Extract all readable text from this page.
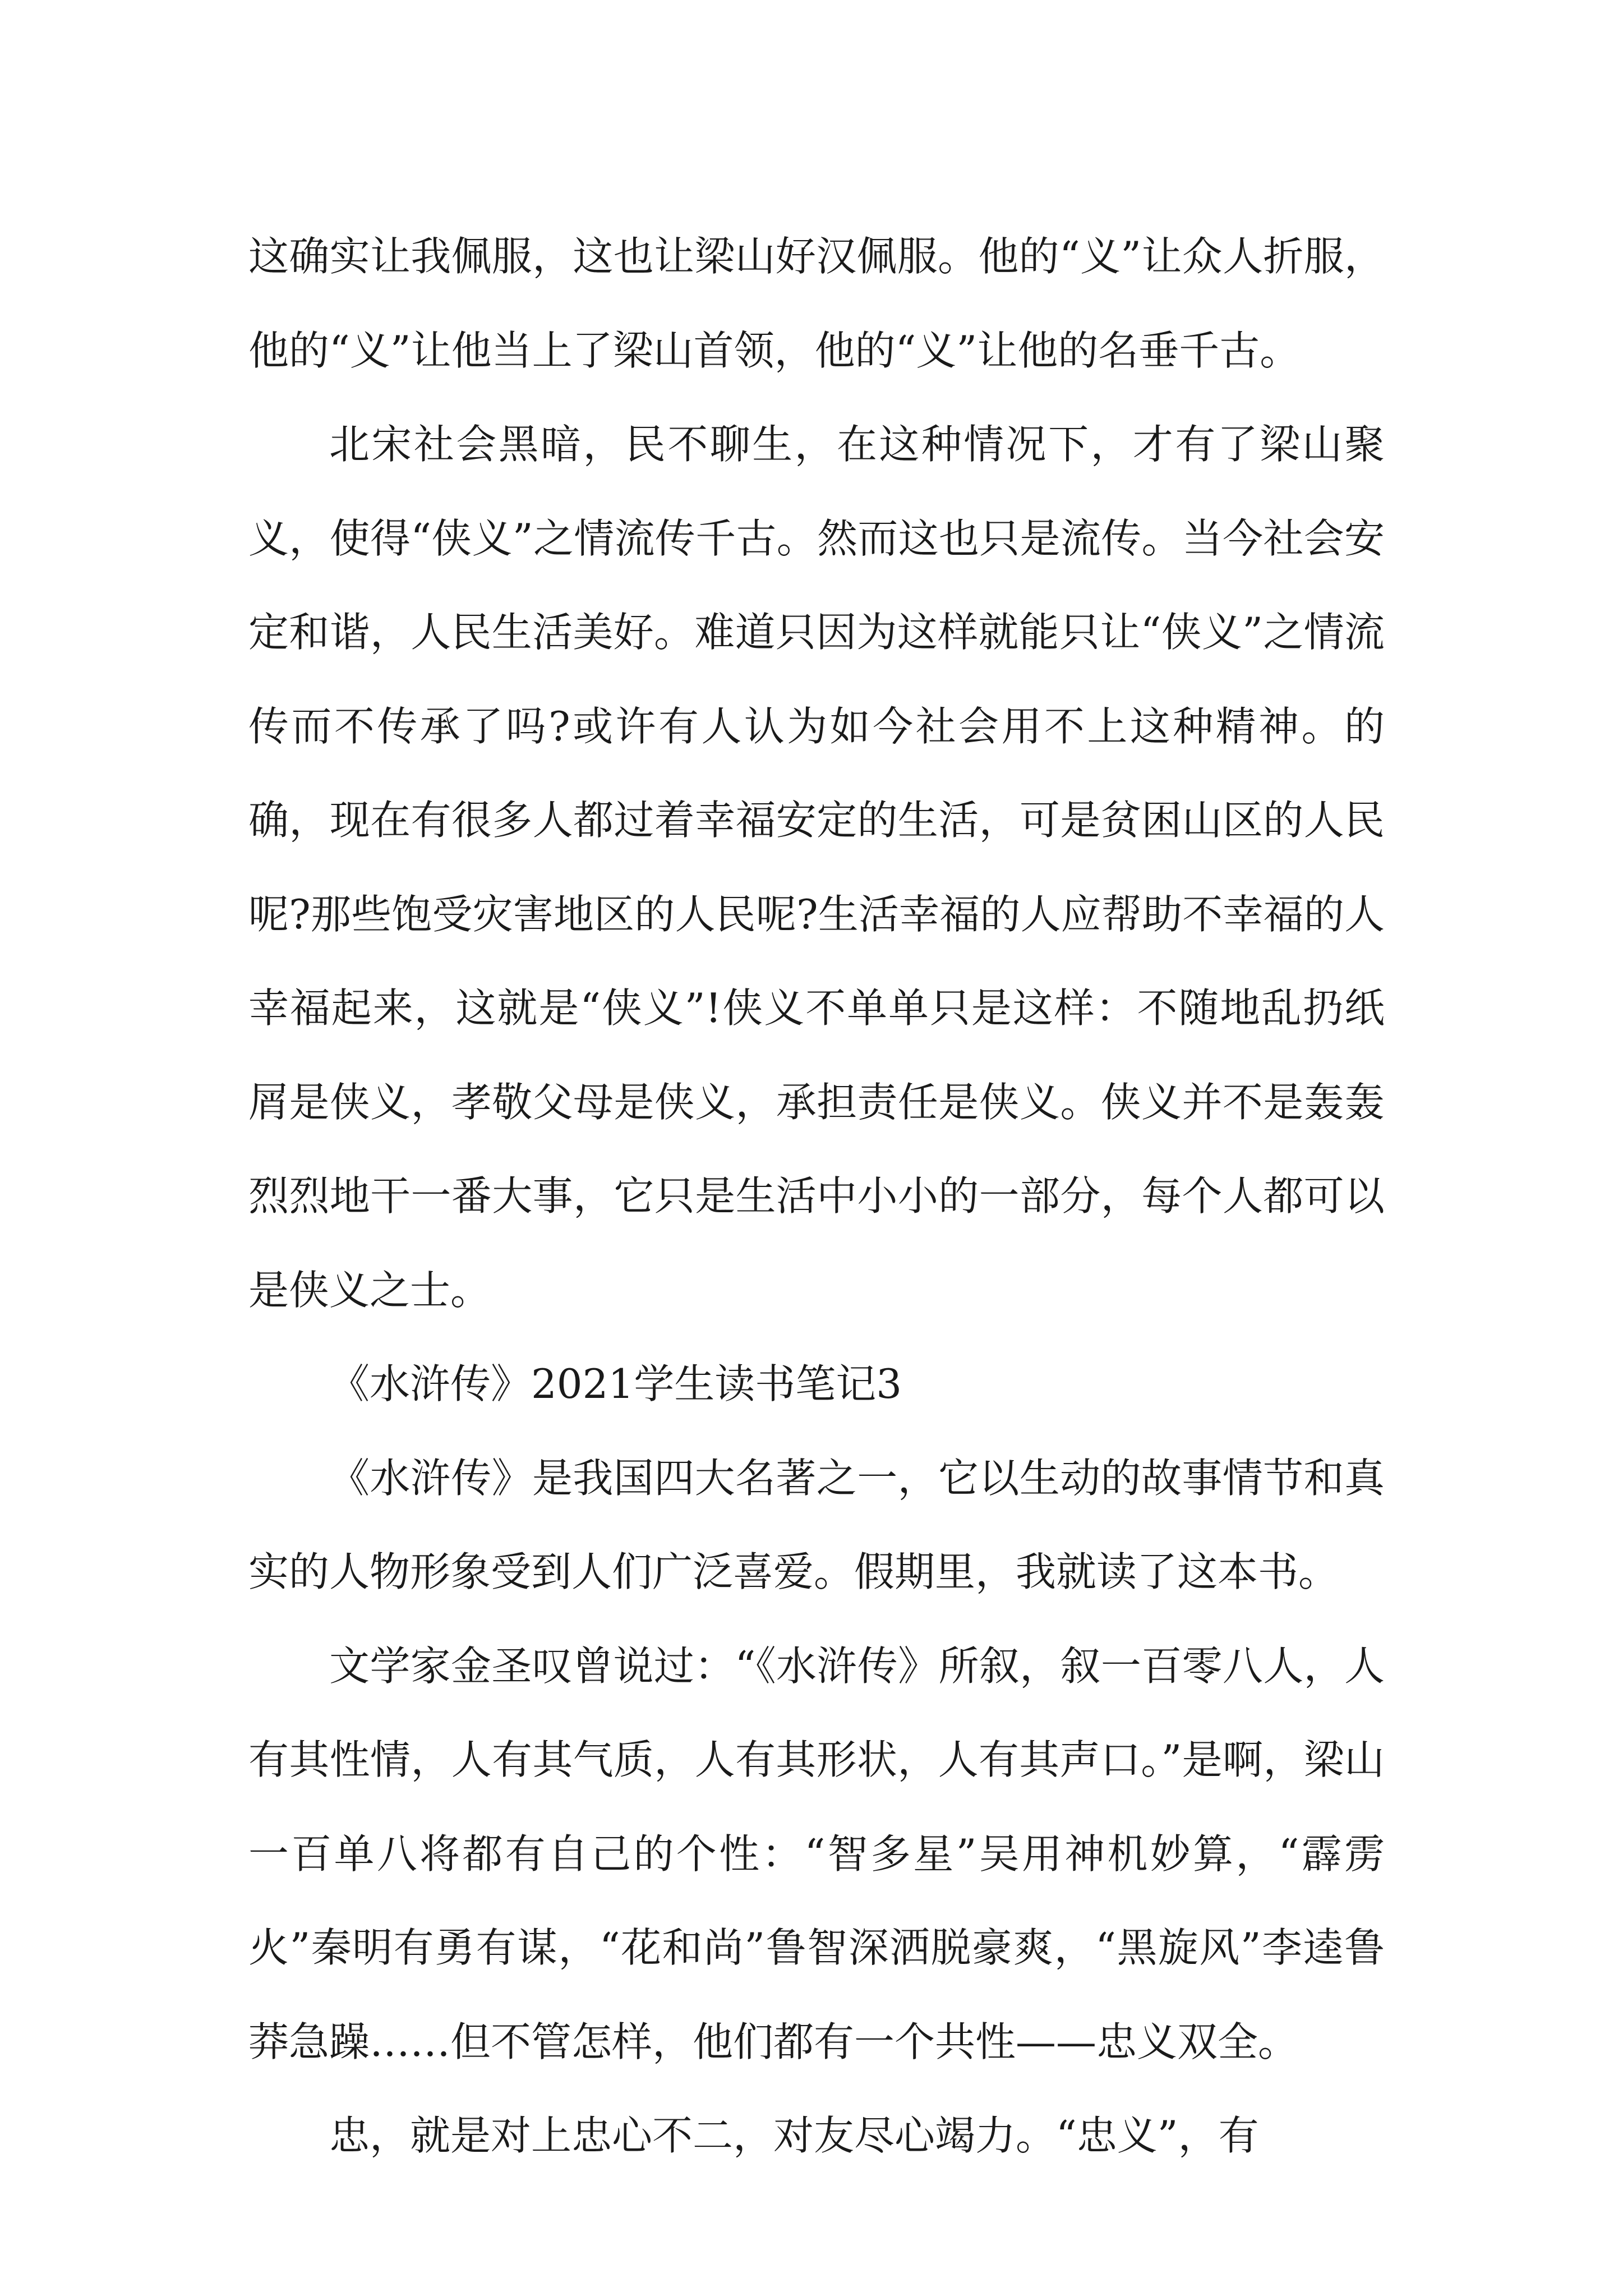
这确实让我佩服，这也让梁山好汉佩服。他的“义”让众人折服，他的“义”让他当上了梁山首领，他的“义”让他的名垂千古。

北宋社会黑暗，民不聊生，在这种情况下，才有了梁山聚义，使得“侠义”之情流传千古。然而这也只是流传。当今社会安定和谐，人民生活美好。难道只因为这样就能只让“侠义”之情流传而不传承了吗?或许有人认为如今社会用不上这种精神。的确，现在有很多人都过着幸福安定的生活，可是贫困山区的人民呢?那些饱受灾害地区的人民呢?生活幸福的人应帮助不幸福的人幸福起来，这就是“侠义”!侠义不单单只是这样：不随地乱扔纸屑是侠义，孝敬父母是侠义，承担责任是侠义。侠义并不是轰轰烈烈地干一番大事，它只是生活中小小的一部分，每个人都可以是侠义之士。

《水浒传》2021学生读书笔记3

《水浒传》是我国四大名著之一，它以生动的故事情节和真实的人物形象受到人们广泛喜爱。假期里，我就读了这本书。

文学家金圣叹曾说过：“《水浒传》所叙，叙一百零八人，人有其性情，人有其气质，人有其形状，人有其声口。”是啊，梁山一百单八将都有自己的个性：“智多星”吴用神机妙算，“霹雳火”秦明有勇有谋，“花和尚”鲁智深洒脱豪爽，“黑旋风”李逵鲁莽急躁……但不管怎样，他们都有一个共性——忠义双全。

忠，就是对上忠心不二，对友尽心竭力。“忠义”，有
